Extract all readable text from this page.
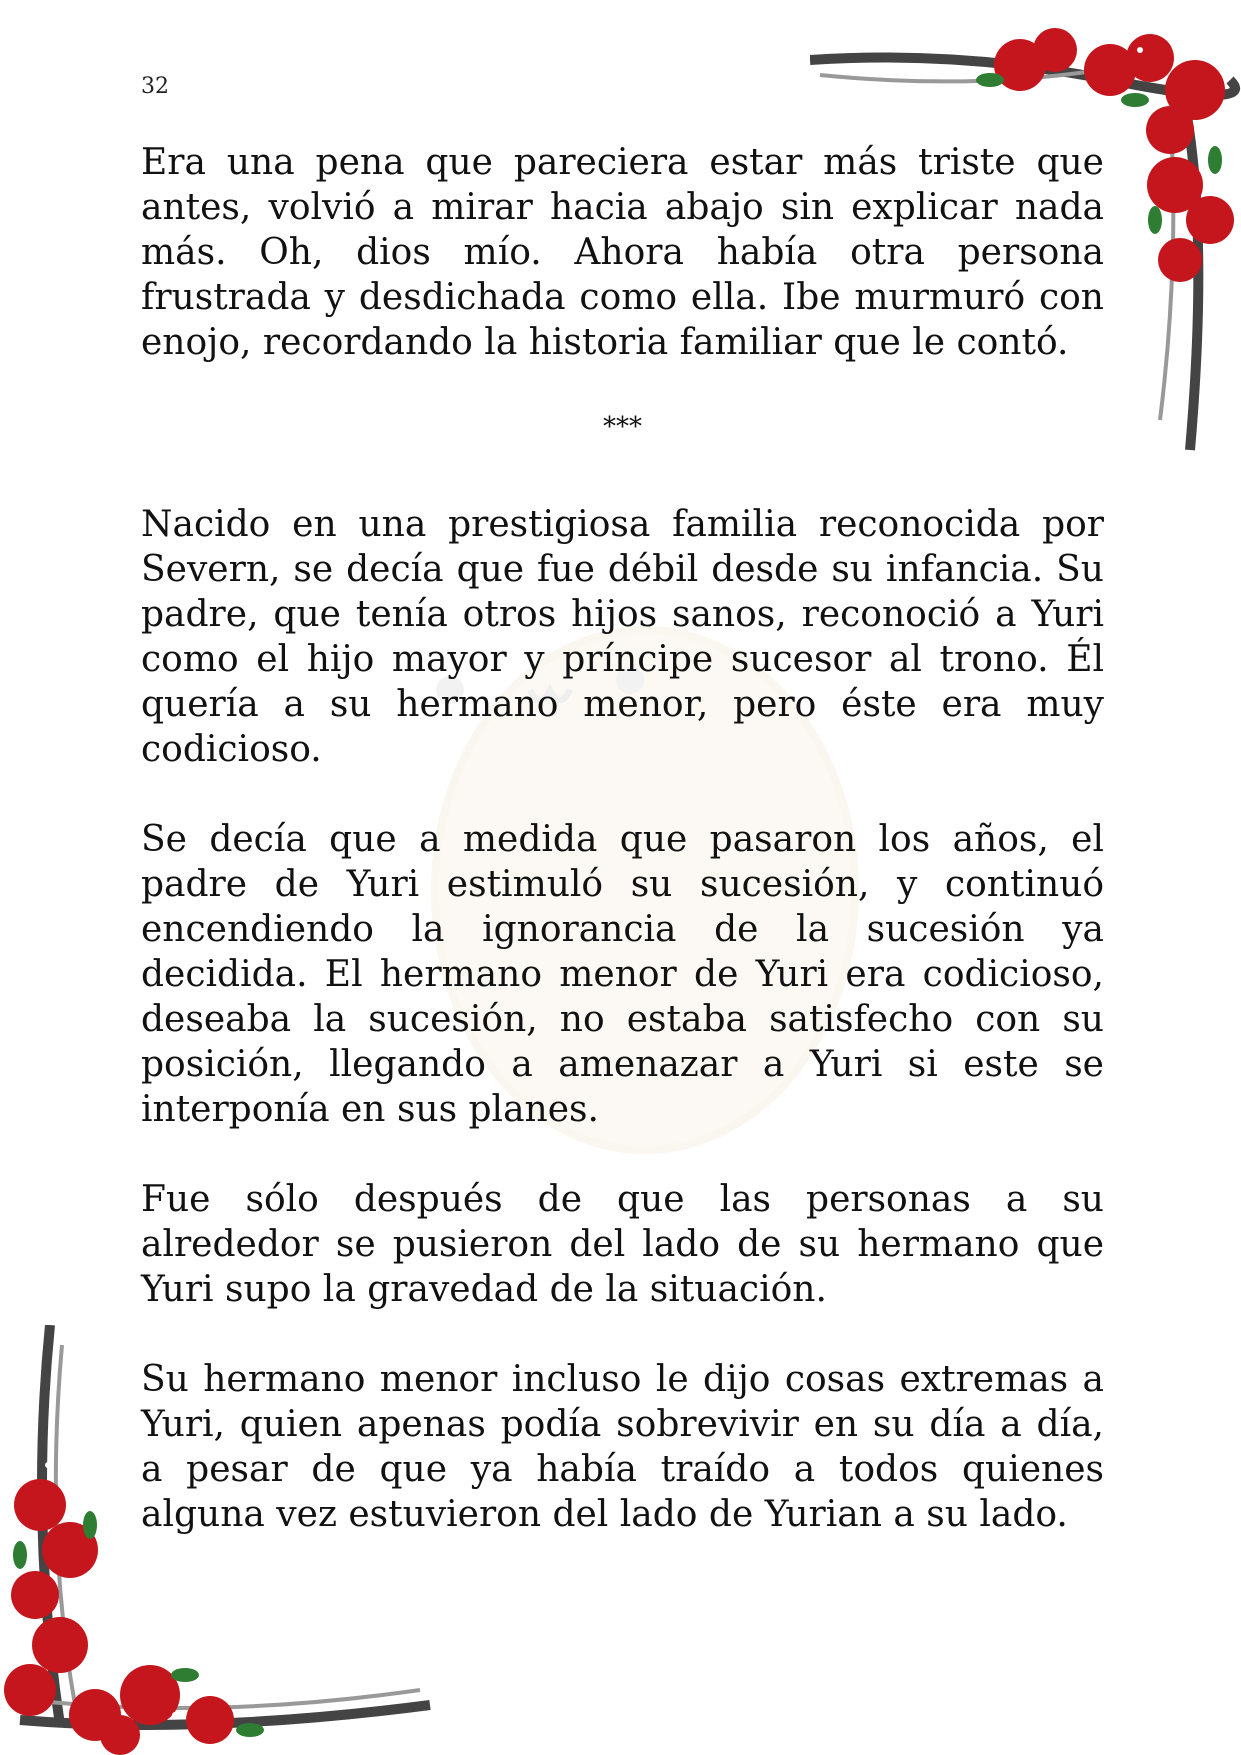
32

Era una pena que pareciera estar más triste que antes, volvió a mirar hacia abajo sin explicar nada más. Oh, dios mío. Ahora había otra persona frustrada y desdichada como ella. Ibe murmuró con enojo, recordando la historia familiar que le contó.

***

Nacido en una prestigiosa familia reconocida por Severn, se decía que fue débil desde su infancia. Su padre, que tenía otros hijos sanos, reconoció a Yuri como el hijo mayor y príncipe sucesor al trono. Él quería a su hermano menor, pero éste era muy codicioso.

Se decía que a medida que pasaron los años, el padre de Yuri estimuló su sucesión, y continuó encendiendo la ignorancia de la sucesión ya decidida. El hermano menor de Yuri era codicioso, deseaba la sucesión, no estaba satisfecho con su posición, llegando a amenazar a Yuri si este se interponía en sus planes.

Fue sólo después de que las personas a su alrededor se pusieron del lado de su hermano que Yuri supo la gravedad de la situación.

Su hermano menor incluso le dijo cosas extremas a Yuri, quien apenas podía sobrevivir en su día a día, a pesar de que ya había traído a todos quienes alguna vez estuvieron del lado de Yurian a su lado.
